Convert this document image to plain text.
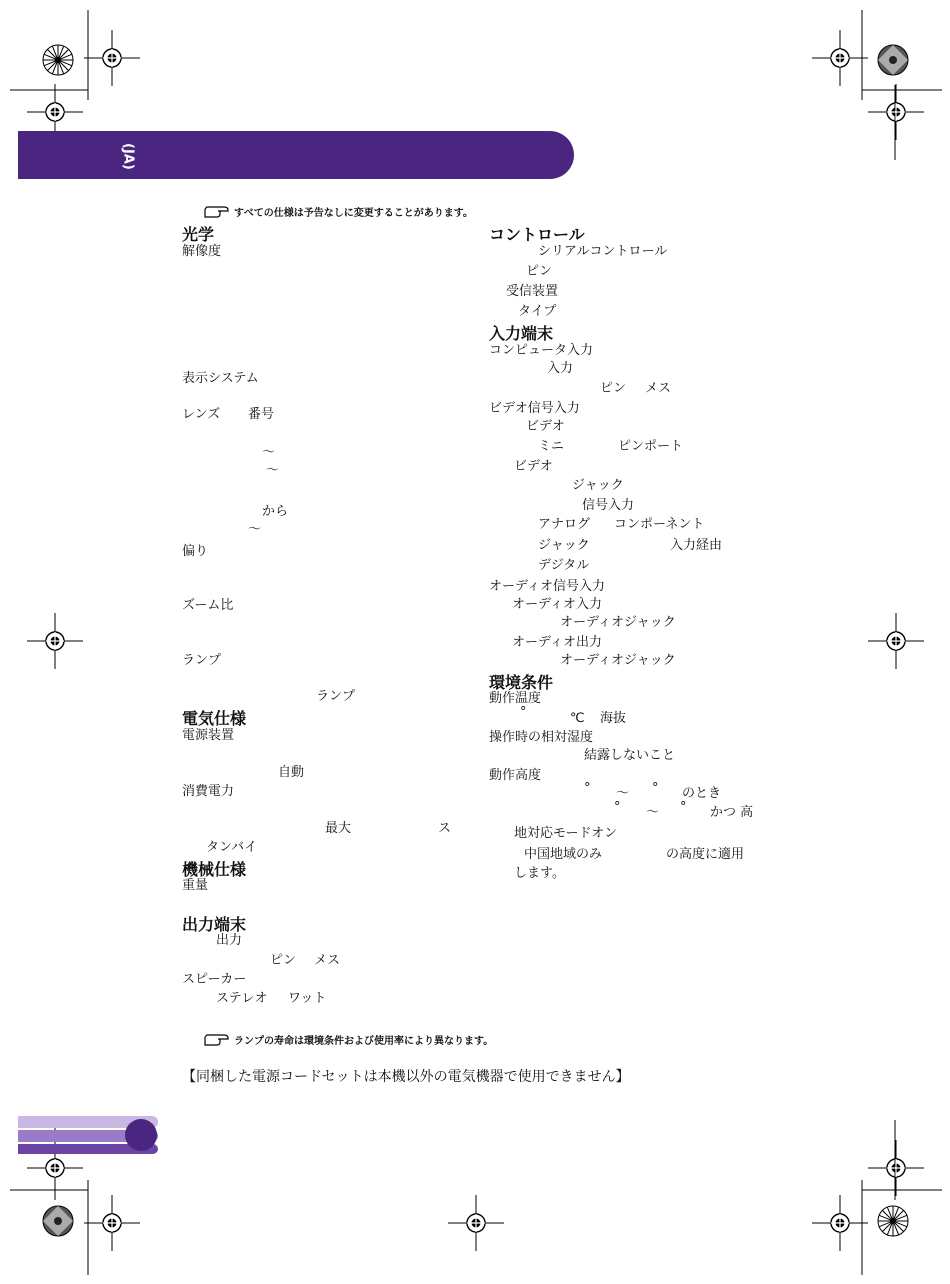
(JA)
すべての仕様は予告なしに変更することがあります。
光学
解像度
表示システム
レンズ 番号
～
～
から
～
偏り
ズーム比
ランプ
ランプ
電気仕様
電源装置
自動
消費電力
最大	ス
タンバイ
機械仕様
重量
出力端末
出力
ピン メス
スピーカー
ステレオ ワット
コントロール
シリアルコントロール
ピン
受信装置
タイプ
入力端末
コンピュータ入力
入力
ピン メス
ビデオ信号入力
ビデオ
ミニ	ピンポート
ビデオ
ジャック
信号入力
アナログ コンポーネント
ジャック	入力経由
デジタル
オーディオ信号入力
オーディオ入力
オーディオジャック
オーディオ出力
オーディオジャック
環境条件
動作温度
°	℃ 海抜
操作時の相対湿度
結露しないこと
動作高度
° ～ ° のとき
° ～ ° かつ 高
地対応モードオン
中国地域のみ	の高度に適用
します。
ランプの寿命は環境条件および使用率により異なります。
【同梱した電源コードセットは本機以外の電気機器で使用できません】
